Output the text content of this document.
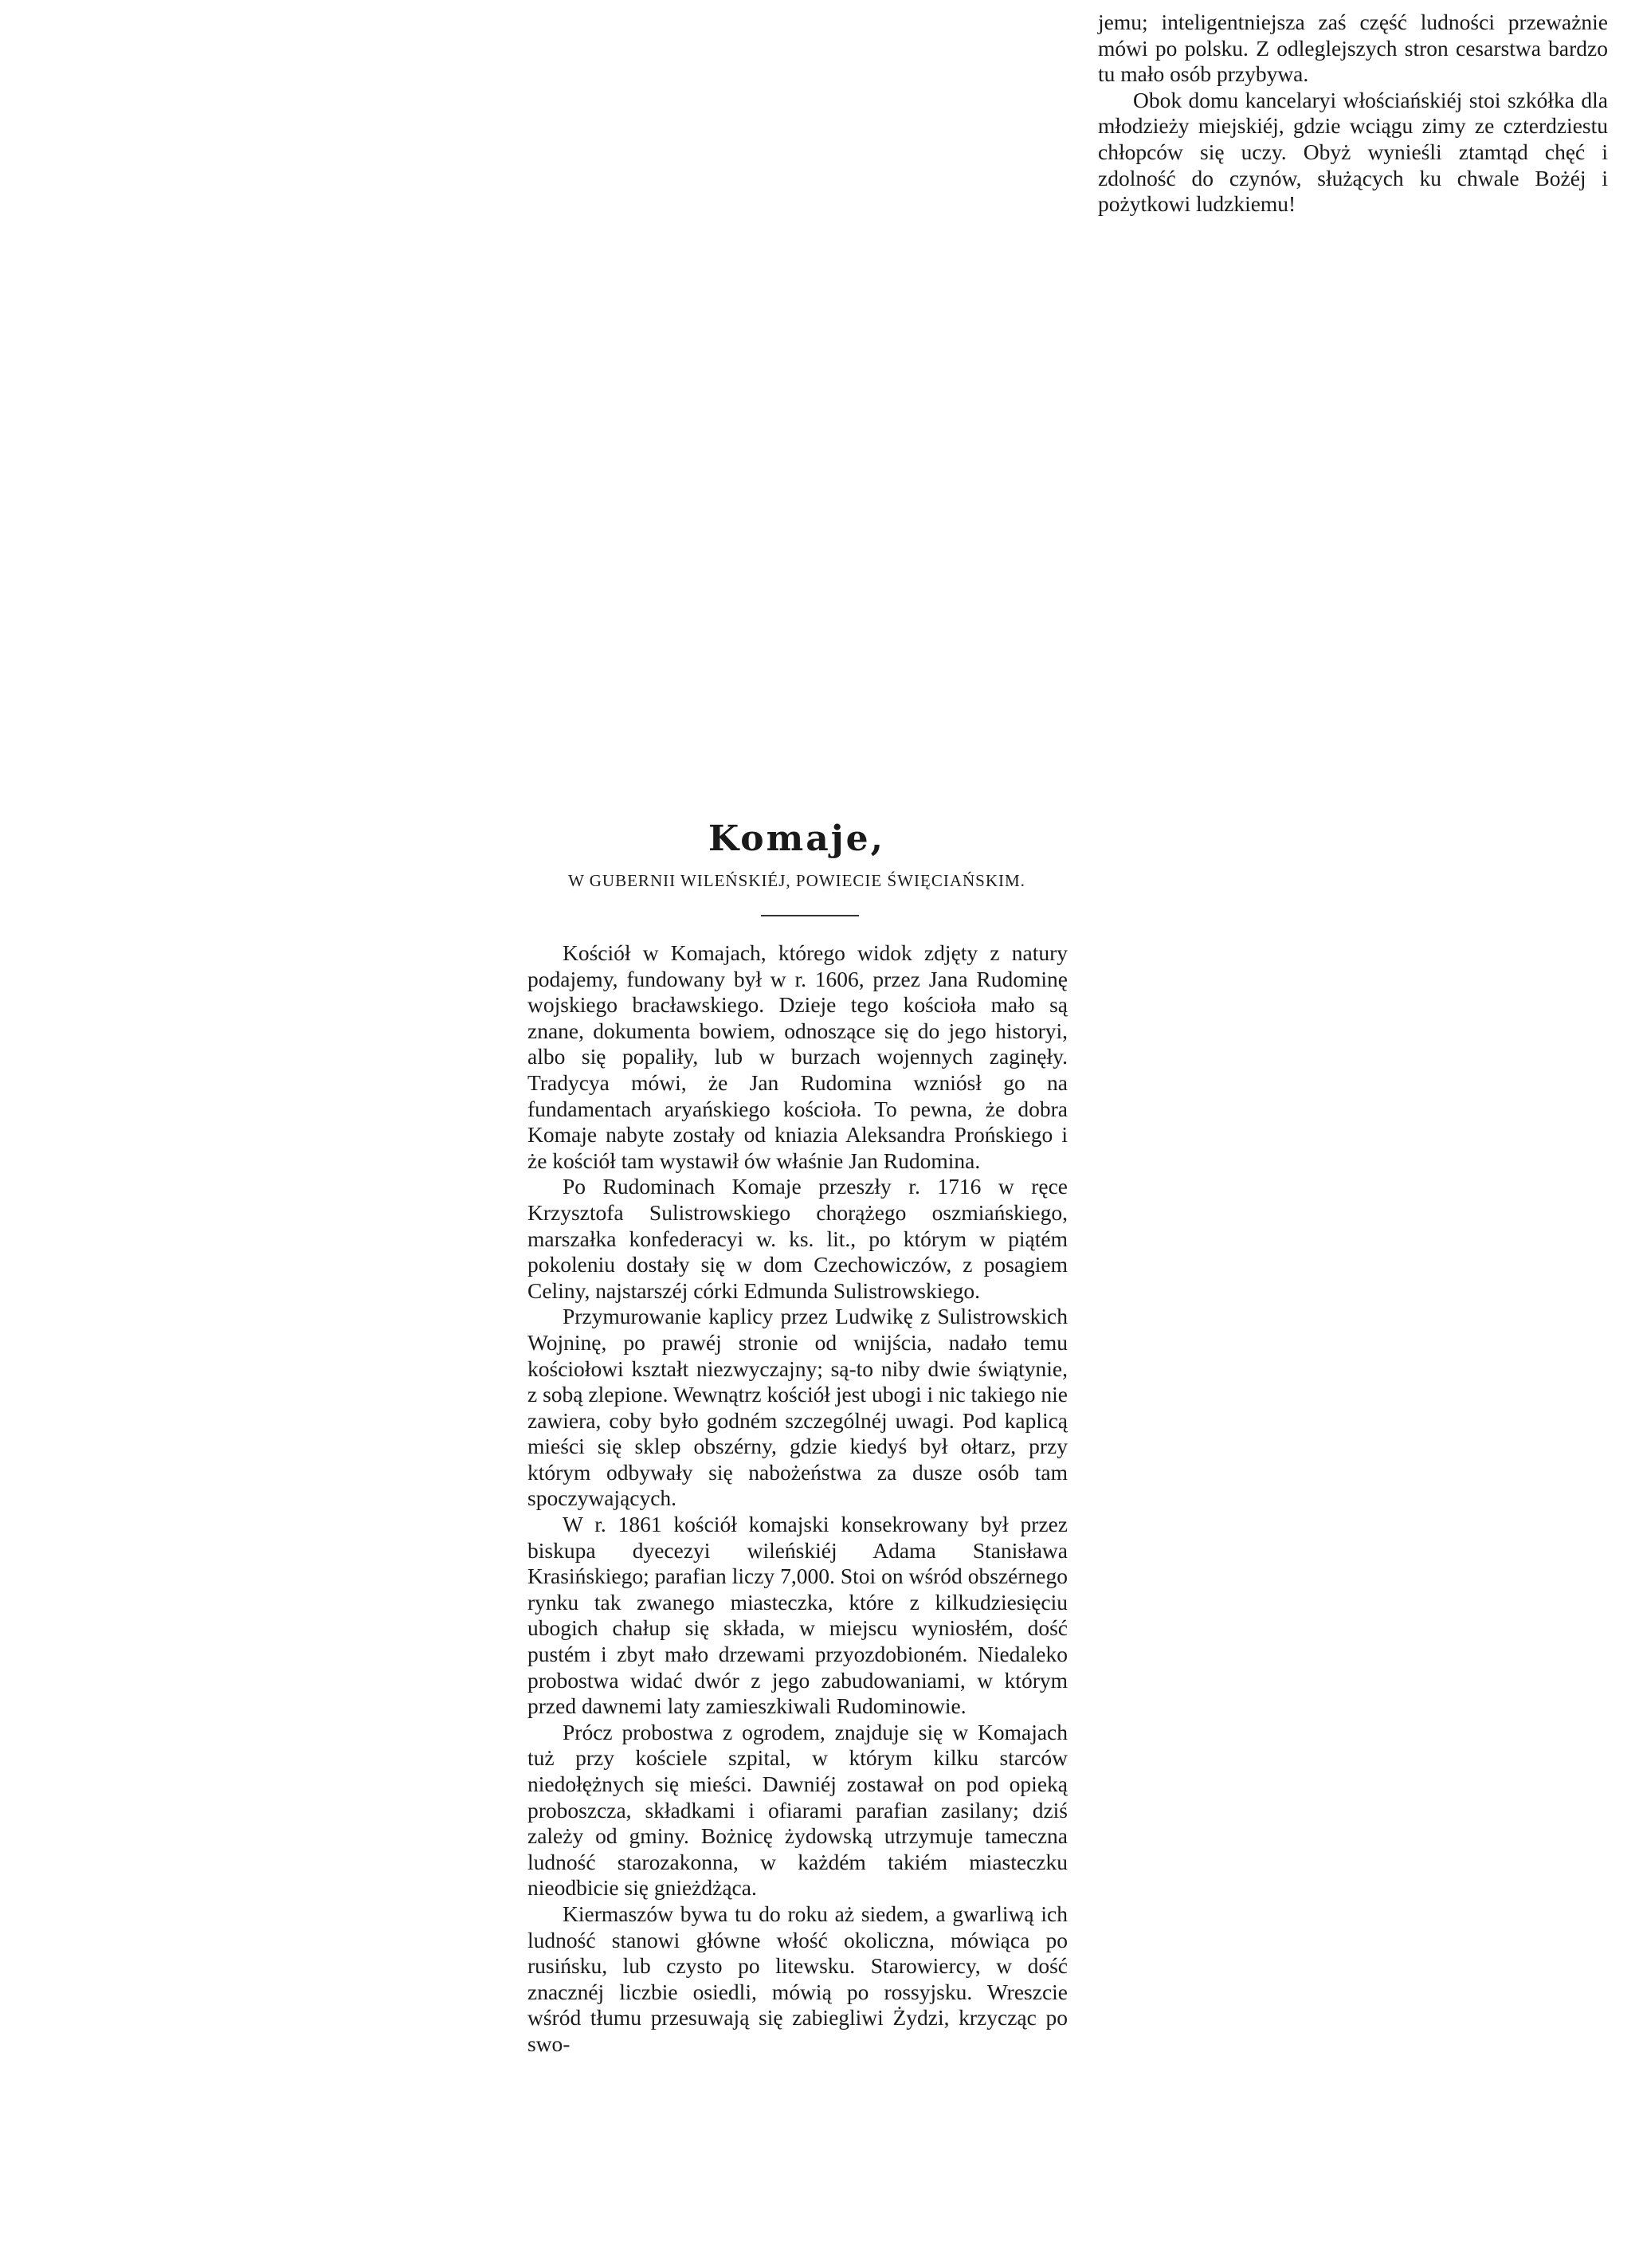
jemu; inteligentniejsza zaś część ludności przeważnie mówi po polsku. Z odleglejszych stron cesarstwa bardzo tu mało osób przybywa.

Obok domu kancelaryi włościańskiéj stoi szkółka dla młodzieży miejskiéj, gdzie wciągu zimy ze czterdziestu chłopców się uczy. Obyż wynieśli ztamtąd chęć i zdolność do czynów, służących ku chwale Bożéj i pożytkowi ludzkiemu!

Komaje,
W GUBERNII WILEŃSKIÉJ, POWIECIE ŚWIĘCIAŃSKIM.

Kościół w Komajach, którego widok zdjęty z natury podajemy, fundowany był w r. 1606, przez Jana Rudominę wojskiego bracławskiego. Dzieje tego kościoła mało są znane, dokumenta bowiem, odnoszące się do jego historyi, albo się popaliły, lub w burzach wojennych zaginęły. Tradycya mówi, że Jan Rudomina wzniósł go na fundamentach aryańskiego kościoła. To pewna, że dobra Komaje nabyte zostały od kniazia Aleksandra Prońskiego i że kościół tam wystawił ów właśnie Jan Rudomina.

Po Rudominach Komaje przeszły r. 1716 w ręce Krzysztofa Sulistrowskiego chorążego oszmiańskiego, marszałka konfederacyi w. ks. lit., po którym w piątém pokoleniu dostały się w dom Czechowiczów, z posagiem Celiny, najstarszéj córki Edmunda Sulistrowskiego.

Przymurowanie kaplicy przez Ludwikę z Sulistrowskich Wojninę, po prawéj stronie od wnijścia, nadało temu kościołowi kształt niezwyczajny; są-to niby dwie świątynie, z sobą zlepione. Wewnątrz kościół jest ubogi i nic takiego nie zawiera, coby było godném szczególnéj uwagi. Pod kaplicą mieści się sklep obszérny, gdzie kiedyś był ołtarz, przy którym odbywały się nabożeństwa za dusze osób tam spoczywających.

W r. 1861 kościół komajski konsekrowany był przez biskupa dyecezyi wileńskiéj Adama Stanisława Krasińskiego; parafian liczy 7,000. Stoi on wśród obszérnego rynku tak zwanego miasteczka, które z kilkudziesięciu ubogich chałup się składa, w miejscu wyniosłém, dość pustém i zbyt mało drzewami przyozdobioném. Niedaleko probostwa widać dwór z jego zabudowaniami, w którym przed dawnemi laty zamieszkiwali Rudominowie.

Prócz probostwa z ogrodem, znajduje się w Komajach tuż przy kościele szpital, w którym kilku starców niedołężnych się mieści. Dawniéj zostawał on pod opieką proboszcza, składkami i ofiarami parafian zasilany; dziś zależy od gminy. Bożnicę żydowską utrzymuje tameczna ludność starozakonna, w każdém takiém miasteczku nieodbicie się gnieżdżąca.

Kiermaszów bywa tu do roku aż siedem, a gwarliwą ich ludność stanowi główne włość okoliczna, mówiąca po rusińsku, lub czysto po litewsku. Starowiercy, w dość znacznéj liczbie osiedli, mówią po rossyjsku. Wreszcie wśród tłumu przesuwają się zabiegliwi Żydzi, krzycząc po swo-
